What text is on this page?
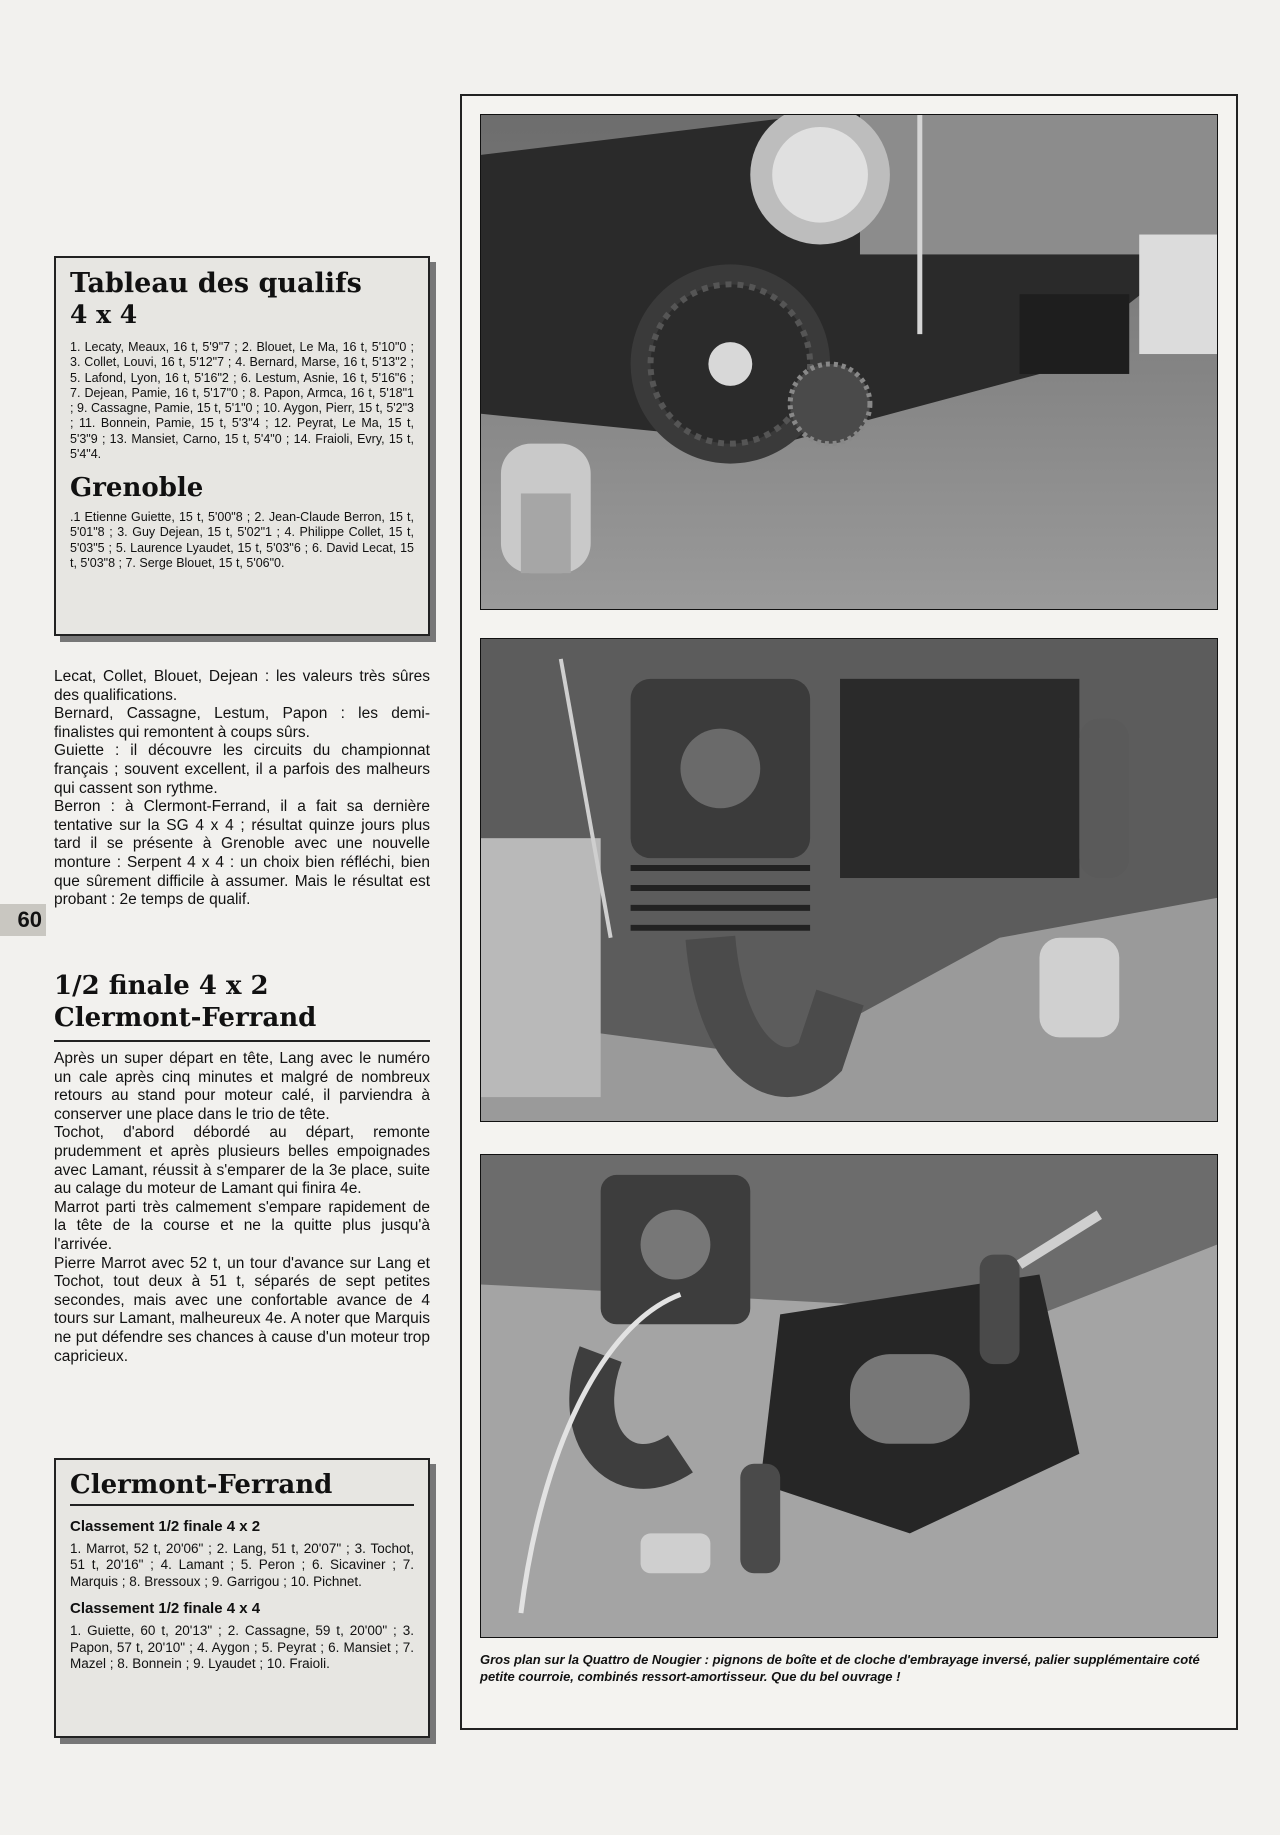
Tableau des qualifs
4 x 4

1. Lecaty, Meaux, 16 t, 5'9"7 ; 2. Blouet, Le Ma, 16 t, 5'10"0 ; 3. Collet, Louvi, 16 t, 5'12"7 ; 4. Bernard, Marse, 16 t, 5'13"2 ; 5. Lafond, Lyon, 16 t, 5'16"2 ; 6. Lestum, Asnie, 16 t, 5'16"6 ; 7. Dejean, Pamie, 16 t, 5'17"0 ; 8. Papon, Armca, 16 t, 5'18"1 ; 9. Cassagne, Pamie, 15 t, 5'1"0 ; 10. Aygon, Pierr, 15 t, 5'2"3 ; 11. Bonnein, Pamie, 15 t, 5'3"4 ; 12. Peyrat, Le Ma, 15 t, 5'3"9 ; 13. Mansiet, Carno, 15 t, 5'4"0 ; 14. Fraioli, Evry, 15 t, 5'4"4.

Grenoble

.1 Etienne Guiette, 15 t, 5'00"8 ; 2. Jean-Claude Berron, 15 t, 5'01"8 ; 3. Guy Dejean, 15 t, 5'02"1 ; 4. Philippe Collet, 15 t, 5'03"5 ; 5. Laurence Lyaudet, 15 t, 5'03"6 ; 6. David Lecat, 15 t, 5'03"8 ; 7. Serge Blouet, 15 t, 5'06"0.

Lecat, Collet, Blouet, Dejean : les valeurs très sûres des qualifications.

Bernard, Cassagne, Lestum, Papon : les demi-finalistes qui remontent à coups sûrs.

Guiette : il découvre les circuits du championnat français ; souvent excellent, il a parfois des malheurs qui cassent son rythme.

Berron : à Clermont-Ferrand, il a fait sa dernière tentative sur la SG 4 x 4 ; résultat quinze jours plus tard il se présente à Grenoble avec une nouvelle monture : Serpent 4 x 4 : un choix bien réfléchi, bien que sûrement difficile à assumer. Mais le résultat est probant : 2e temps de qualif.

60
1/2 finale 4 x 2
Clermont-Ferrand

Après un super départ en tête, Lang avec le numéro un cale après cinq minutes et malgré de nombreux retours au stand pour moteur calé, il parviendra à conserver une place dans le trio de tête.

Tochot, d'abord débordé au départ, remonte prudemment et après plusieurs belles empoignades avec Lamant, réussit à s'emparer de la 3e place, suite au calage du moteur de Lamant qui finira 4e.

Marrot parti très calmement s'empare rapidement de la tête de la course et ne la quitte plus jusqu'à l'arrivée.

Pierre Marrot avec 52 t, un tour d'avance sur Lang et Tochot, tout deux à 51 t, séparés de sept petites secondes, mais avec une confortable avance de 4 tours sur Lamant, malheureux 4e. A noter que Marquis ne put défendre ses chances à cause d'un moteur trop capricieux.

Clermont-Ferrand
Classement 1/2 finale 4 x 2

1. Marrot, 52 t, 20'06" ; 2. Lang, 51 t, 20'07" ; 3. Tochot, 51 t, 20'16" ; 4. Lamant ; 5. Peron ; 6. Sicaviner ; 7. Marquis ; 8. Bressoux ; 9. Garrigou ; 10. Pichnet.

Classement 1/2 finale 4 x 4

1. Guiette, 60 t, 20'13" ; 2. Cassagne, 59 t, 20'00" ; 3. Papon, 57 t, 20'10" ; 4. Aygon ; 5. Peyrat ; 6. Mansiet ; 7. Mazel ; 8. Bonnein ; 9. Lyaudet ; 10. Fraioli.	Gros plan sur la Quattro de Nougier : pignons de boîte et de cloche d'embrayage inversé, palier supplémentaire coté petite courroie, combinés ressort-amortisseur. Que du bel ouvrage !
